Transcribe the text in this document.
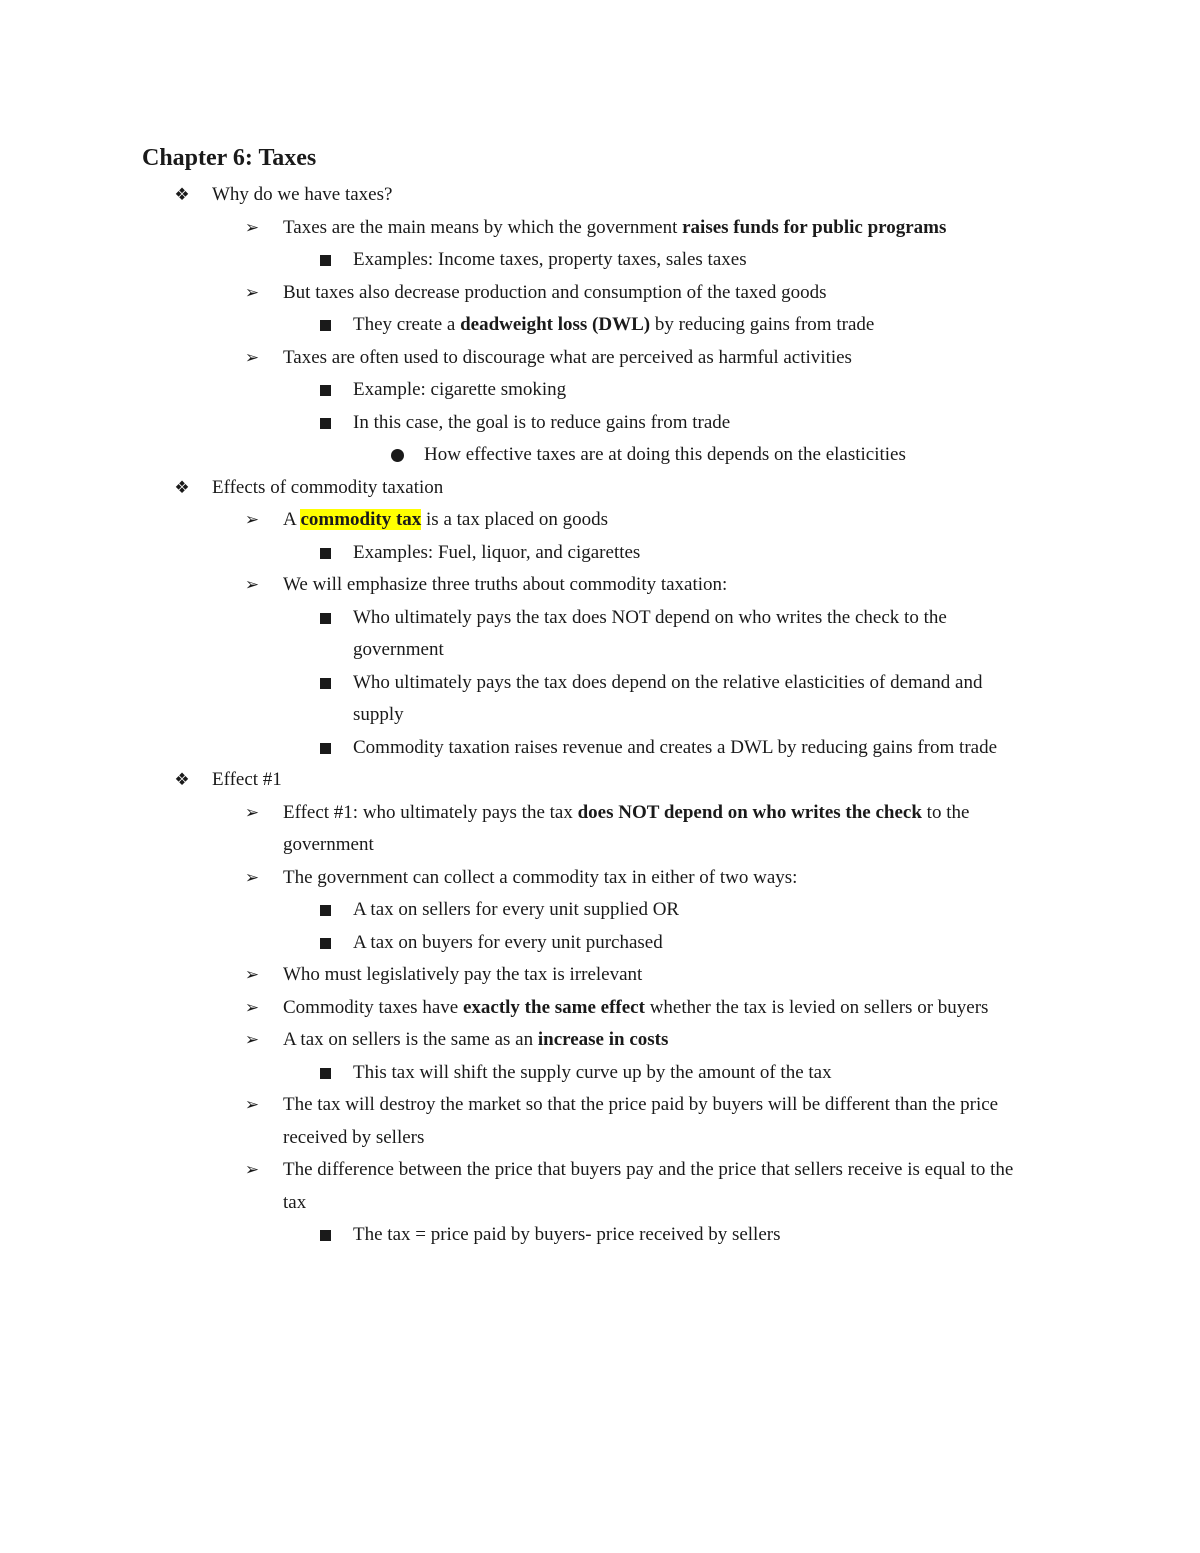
Chapter 6: Taxes
❖ Why do we have taxes?
➢ Taxes are the main means by which the government raises funds for public programs
Examples: Income taxes, property taxes, sales taxes
➢ But taxes also decrease production and consumption of the taxed goods
They create a deadweight loss (DWL) by reducing gains from trade
➢ Taxes are often used to discourage what are perceived as harmful activities
Example: cigarette smoking
In this case, the goal is to reduce gains from trade
How effective taxes are at doing this depends on the elasticities
❖ Effects of commodity taxation
➢ A commodity tax is a tax placed on goods
Examples: Fuel, liquor, and cigarettes
➢ We will emphasize three truths about commodity taxation:
Who ultimately pays the tax does NOT depend on who writes the check to the
government
Who ultimately pays the tax does depend on the relative elasticities of demand and
supply
Commodity taxation raises revenue and creates a DWL by reducing gains from trade
❖ Effect #1
➢ Effect #1: who ultimately pays the tax does NOT depend on who writes the check to the
government
➢ The government can collect a commodity tax in either of two ways:
A tax on sellers for every unit supplied OR
A tax on buyers for every unit purchased
➢ Who must legislatively pay the tax is irrelevant
➢ Commodity taxes have exactly the same effect whether the tax is levied on sellers or buyers
➢ A tax on sellers is the same as an increase in costs
This tax will shift the supply curve up by the amount of the tax
➢ The tax will destroy the market so that the price paid by buyers will be different than the price
received by sellers
➢ The difference between the price that buyers pay and the price that sellers receive is equal to the
tax
The tax = price paid by buyers- price received by sellers
